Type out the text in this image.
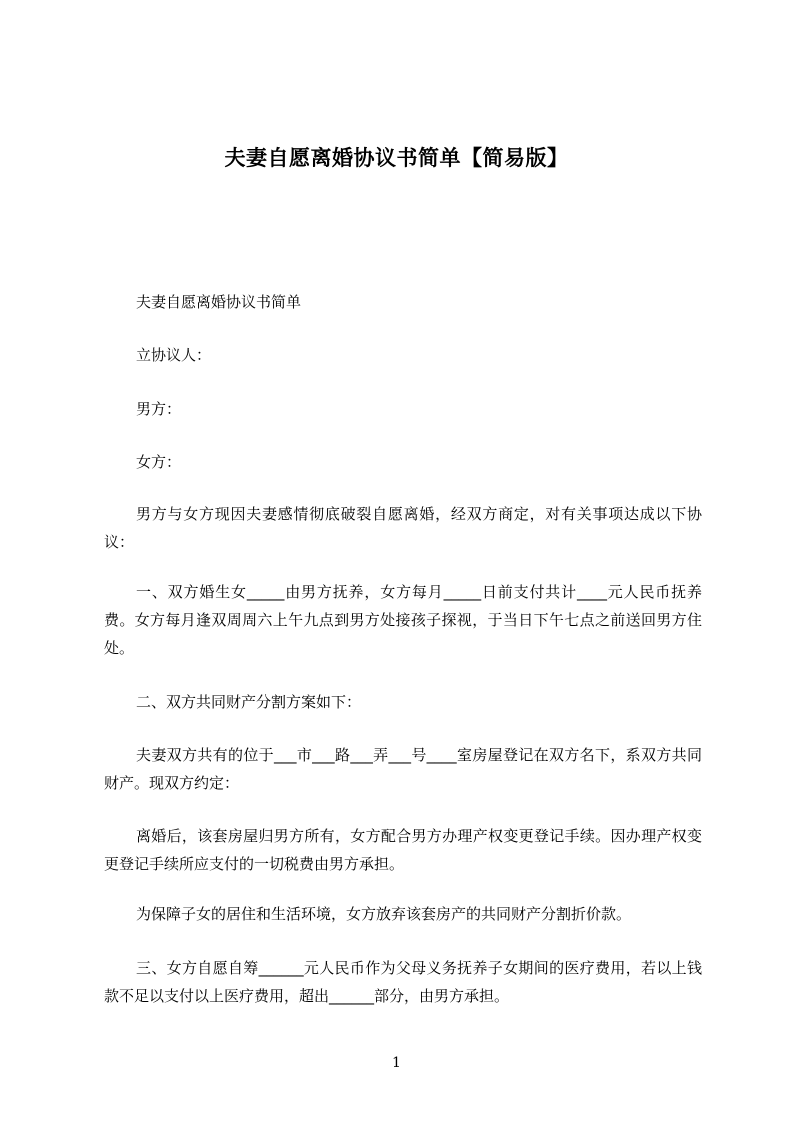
夫妻自愿离婚协议书简单【简易版】
夫妻自愿离婚协议书简单
立协议人：
男方：
女方：
男方与女方现因夫妻感情彻底破裂自愿离婚，经双方商定，对有关事项达成以下协议：
一、双方婚生女_____由男方抚养，女方每月_____日前支付共计____元人民币抚养费。女方每月逢双周周六上午九点到男方处接孩子探视，于当日下午七点之前送回男方住处。
二、双方共同财产分割方案如下：
夫妻双方共有的位于___市___路___弄___号____室房屋登记在双方名下，系双方共同财产。现双方约定：
离婚后，该套房屋归男方所有，女方配合男方办理产权变更登记手续。因办理产权变更登记手续所应支付的一切税费由男方承担。
为保障子女的居住和生活环境，女方放弃该套房产的共同财产分割折价款。
三、女方自愿自筹______元人民币作为父母义务抚养子女期间的医疗费用，若以上钱款不足以支付以上医疗费用，超出______部分，由男方承担。
1
